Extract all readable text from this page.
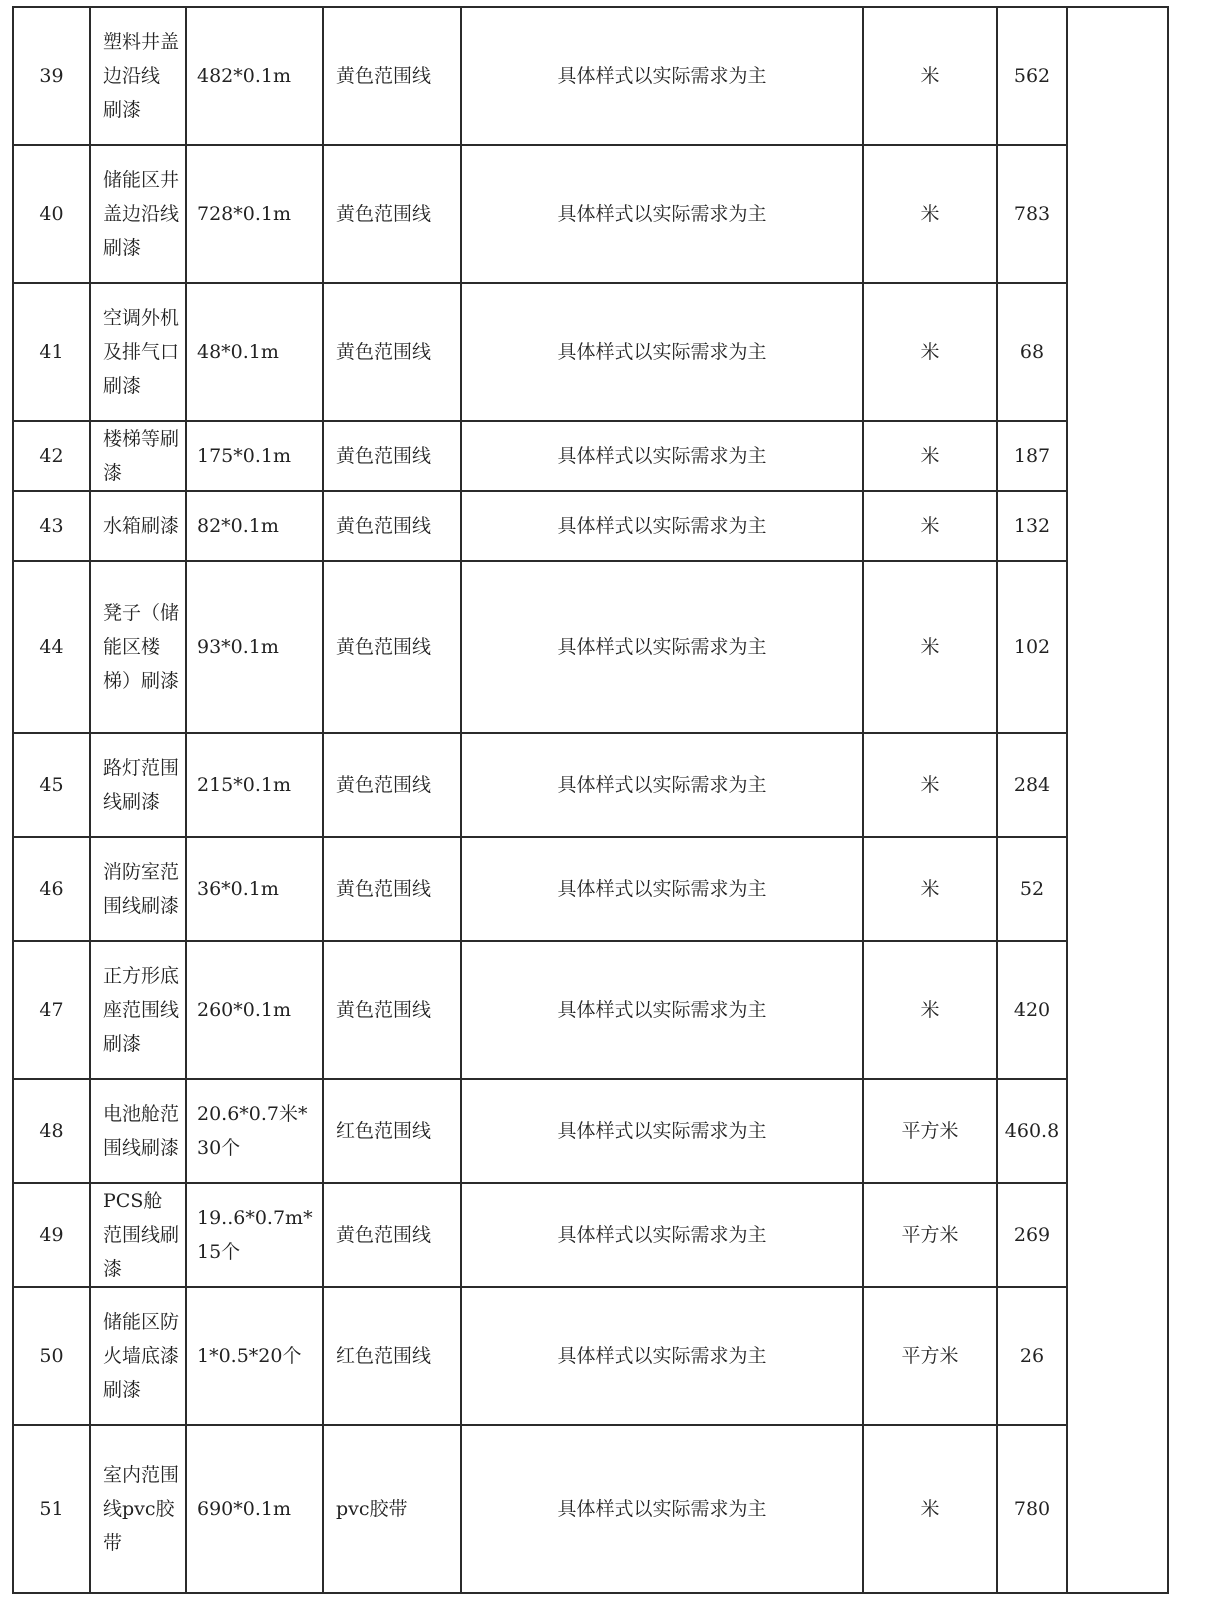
39	塑料井盖边沿线 刷漆	482*0.1m	黄色范围线	具体样式以实际需求为主	米	562	
40	储能区井盖边沿线刷漆	728*0.1m	黄色范围线	具体样式以实际需求为主	米	783	
41	空调外机及排气口刷漆	48*0.1m	黄色范围线	具体样式以实际需求为主	米	68	
42	楼梯等刷漆	175*0.1m	黄色范围线	具体样式以实际需求为主	米	187	
43	水箱刷漆	82*0.1m	黄色范围线	具体样式以实际需求为主	米	132	
44	凳子（储能区楼梯）刷漆	93*0.1m	黄色范围线	具体样式以实际需求为主	米	102	
45	路灯范围线刷漆	215*0.1m	黄色范围线	具体样式以实际需求为主	米	284	
46	消防室范围线刷漆	36*0.1m	黄色范围线	具体样式以实际需求为主	米	52	
47	正方形底座范围线刷漆	260*0.1m	黄色范围线	具体样式以实际需求为主	米	420	
48	电池舱范围线刷漆	20.6*0.7米*30个	红色范围线	具体样式以实际需求为主	平方米	460.8	
49	PCS舱范围线刷漆	19..6*0.7m*15个	黄色范围线	具体样式以实际需求为主	平方米	269	
50	储能区防火墙底漆刷漆	1*0.5*20个	红色范围线	具体样式以实际需求为主	平方米	26	
51	室内范围线pvc胶带	690*0.1m	pvc胶带	具体样式以实际需求为主	米	780	
